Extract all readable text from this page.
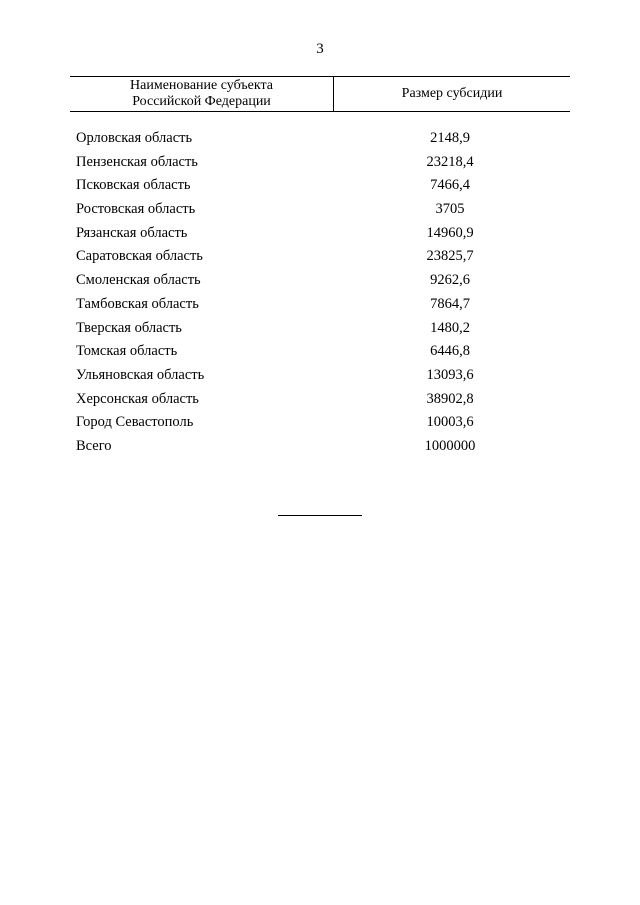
3
Наименование субъекта
Российской Федерации
Размер субсидии
Орловская область	2148,9
Пензенская область	23218,4
Псковская область	7466,4
Ростовская область	3705
Рязанская область	14960,9
Саратовская область	23825,7
Смоленская область	9262,6
Тамбовская область	7864,7
Тверская область	1480,2
Томская область	6446,8
Ульяновская область	13093,6
Херсонская область	38902,8
Город Севастополь	10003,6
Всего	1000000
